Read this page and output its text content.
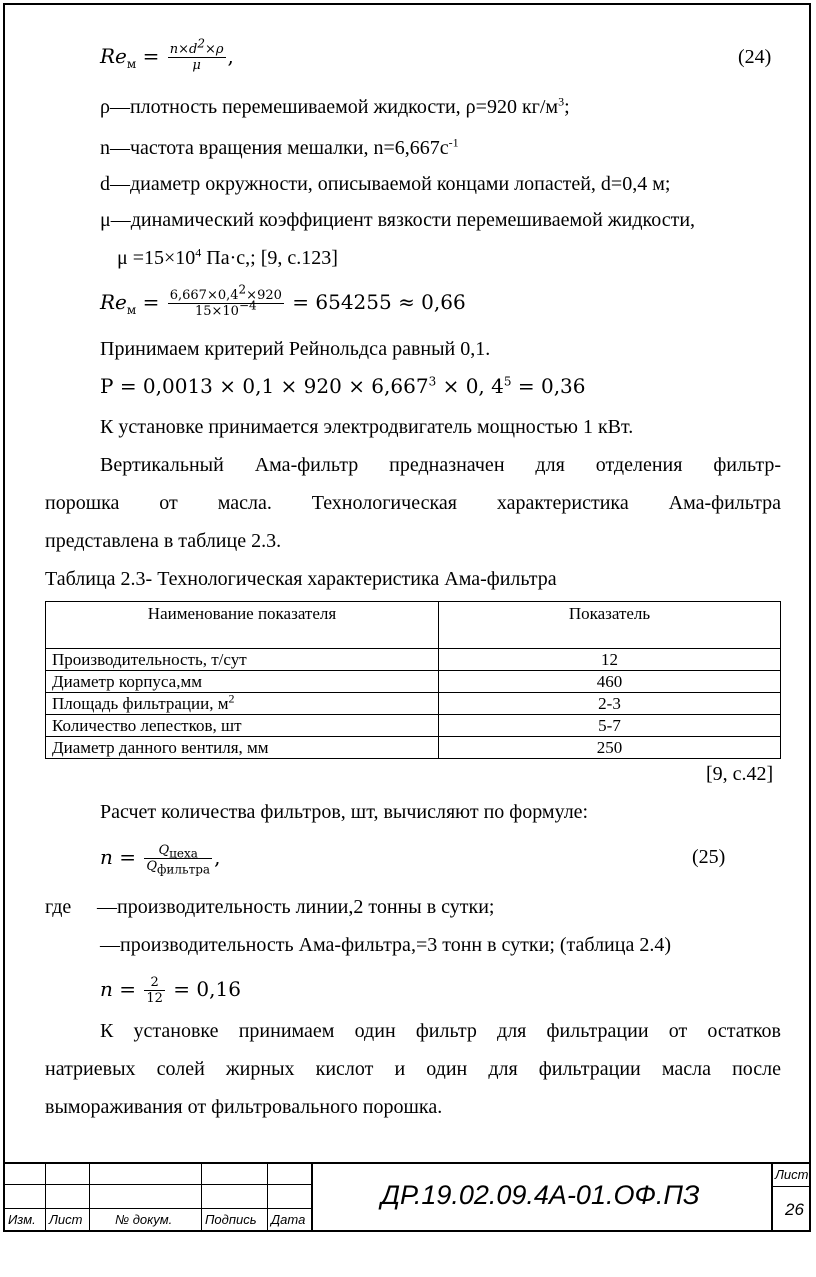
$Re_м = \frac{n\times d^2\times\rho}{\mu}$ ,	(24)
ρ—плотность перемешиваемой жидкости, ρ=920 $кг/м^3$;
n—частота вращения мешалки, $n=6,667с^{-1}$
d—диаметр окружности, описываемой концами лопастей, d=0,4 м;
μ—динамический коэффициент вязкости перемешиваемой жидкости,
$\mu =15\times 10^4$ Па·с,; [9, с.123]
$Re_м = \frac{6,667\times 0,4^2\times 920}{15\times 10^{-4}} = 654255 \approx 0,66$
Принимаем критерий Рейнольдса равный 0,1.
$P = 0,0013 \times 0,1 \times 920 \times 6,667^3 \times 0$, $4^5 = 0,36$
К установке принимается электродвигатель мощностью 1 кВт.
Вертикальный Ама-фильтр предназначен для отделения фильтр-
порошка от масла. Технологическая характеристика Ама-фильтра
представлена в таблице 2.3.
Таблица 2.3- Технологическая характеристика Ама-фильтра
Наименование показателя	Показатель
Производительность, т/сут	12
Диаметр корпуса,мм	460
Площадь фильтрации, $м^2$	2-3
Количество лепестков, шт	5-7
Диаметр данного вентиля, мм	250
[9, с.42]
Расчет количества фильтров, шт, вычисляют по формуле:
$n = \frac{Q_{цеха}}{Q_{фильтра}}$ ,	(25)
где —производительность линии,2 тонны в сутки;
—производительность Ама-фильтра,=3 тонн в сутки; (таблица 2.4)
$n = \frac{2}{12} = 0,16$
К установке принимаем один фильтр для фильтрации от остатков
натриевых солей жирных кислот и один для фильтрации масла после
вымораживания от фильтровального порошка.
Изм. Лист	№ докум.	Подпись Дата
ДР.19.02.09.4А-01.ОФ.ПЗ
Лист
26
